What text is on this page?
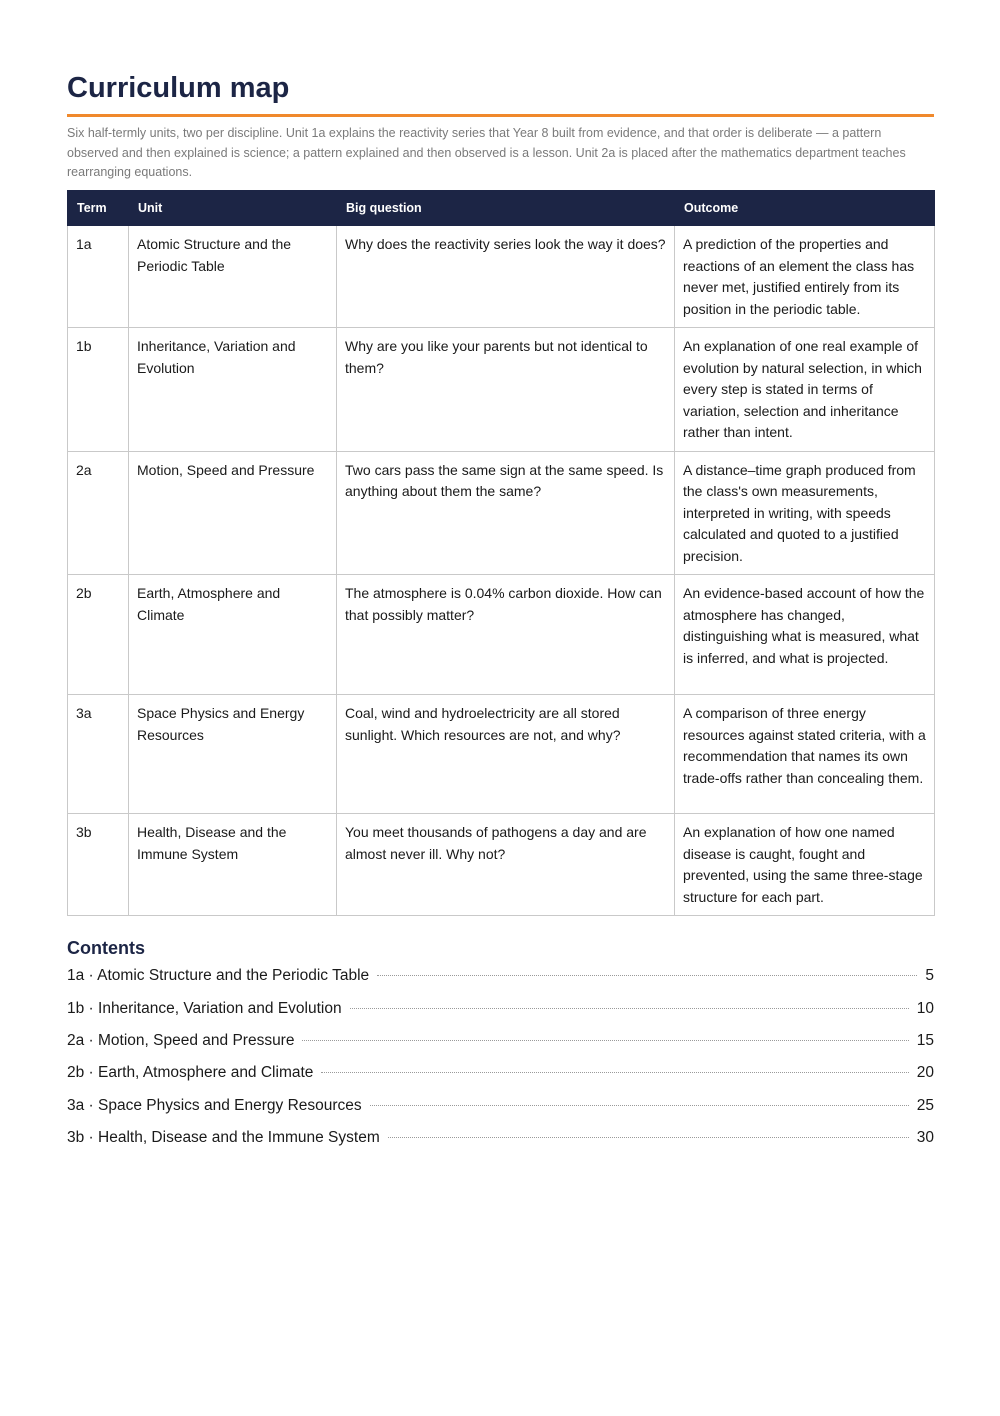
Curriculum map

Six half-termly units, two per discipline. Unit 1a explains the reactivity series that Year 8 built from evidence, and that order is deliberate — a pattern observed and then explained is science; a pattern explained and then observed is a lesson. Unit 2a is placed after the mathematics department teaches rearranging equations.

Term	Unit	Big question	Outcome
1a	Atomic Structure and the Periodic Table	Why does the reactivity series look the way it does?	A prediction of the properties and reactions of an element the class has never met, justified entirely from its position in the periodic table.
1b	Inheritance, Variation and Evolution	Why are you like your parents but not identical to them?	An explanation of one real example of evolution by natural selection, in which every step is stated in terms of variation, selection and inheritance rather than intent.
2a	Motion, Speed and Pressure	Two cars pass the same sign at the same speed. Is anything about them the same?	A distance–time graph produced from the class's own measurements, interpreted in writing, with speeds calculated and quoted to a justified precision.
2b	Earth, Atmosphere and Climate	The atmosphere is 0.04% carbon dioxide. How can that possibly matter?	An evidence-based account of how the atmosphere has changed, distinguishing what is measured, what is inferred, and what is projected.
3a	Space Physics and Energy Resources	Coal, wind and hydroelectricity are all stored sunlight. Which resources are not, and why?	A comparison of three energy resources against stated criteria, with a recommendation that names its own trade-offs rather than concealing them.
3b	Health, Disease and the Immune System	You meet thousands of pathogens a day and are almost never ill. Why not?	An explanation of how one named disease is caught, fought and prevented, using the same three-stage structure for each part.
Contents
1a · Atomic Structure and the Periodic Table	5
1b · Inheritance, Variation and Evolution	10
2a · Motion, Speed and Pressure	15
2b · Earth, Atmosphere and Climate	20
3a · Space Physics and Energy Resources	25
3b · Health, Disease and the Immune System	30
